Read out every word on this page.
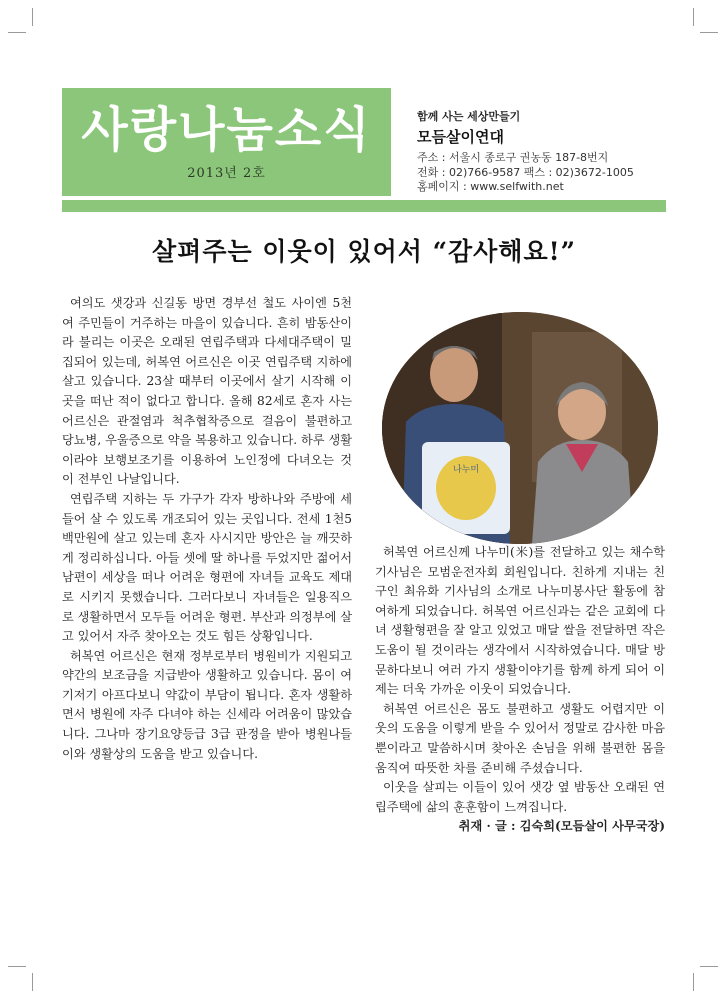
사랑나눔소식
2013년 2호
함께 사는 세상만들기
모듬살이연대
주소 : 서울시 종로구 권농동 187-8번지
전화 : 02)766-9587 팩스 : 02)3672-1005
홈페이지 : www.selfwith.net
살펴주는 이웃이 있어서 “감사해요!”

여의도 샛강과 신길동 방면 경부선 철도 사이엔 5천여 주민들이 거주하는 마을이 있습니다. 흔히 밤동산이라 불리는 이곳은 오래된 연립주택과 다세대주택이 밀집되어 있는데, 허복연 어르신은 이곳 연립주택 지하에 살고 있습니다. 23살 때부터 이곳에서 살기 시작해 이곳을 떠난 적이 없다고 합니다. 올해 82세로 혼자 사는 어르신은 관절염과 척추협착증으로 걸음이 불편하고 당뇨병, 우울증으로 약을 복용하고 있습니다. 하루 생활이라야 보행보조기를 이용하여 노인정에 다녀오는 것이 전부인 나날입니다.

연립주택 지하는 두 가구가 각자 방하나와 주방에 세 들어 살 수 있도록 개조되어 있는 곳입니다. 전세 1천5백만원에 살고 있는데 혼자 사시지만 방안은 늘 깨끗하게 정리하십니다. 아들 셋에 딸 하나를 두었지만 젊어서 남편이 세상을 떠나 어려운 형편에 자녀들 교육도 제대로 시키지 못했습니다. 그러다보니 자녀들은 일용직으로 생활하면서 모두들 어려운 형편. 부산과 의정부에 살고 있어서 자주 찾아오는 것도 힘든 상황입니다.

허복연 어르신은 현재 정부로부터 병원비가 지원되고 약간의 보조금을 지급받아 생활하고 있습니다. 몸이 여기저기 아프다보니 약값이 부담이 됩니다. 혼자 생활하면서 병원에 자주 다녀야 하는 신세라 어려움이 많았습니다. 그나마 장기요양등급 3급 판정을 받아 병원나들이와 생활상의 도움을 받고 있습니다.

나누미

허복연 어르신께 나누미(米)를 전달하고 있는 채수학 기사님은 모범운전자회 회원입니다. 친하게 지내는 친구인 최유화 기사님의 소개로 나누미봉사단 활동에 참여하게 되었습니다. 허복연 어르신과는 같은 교회에 다녀 생활형편을 잘 알고 있었고 매달 쌀을 전달하면 작은 도움이 될 것이라는 생각에서 시작하였습니다. 매달 방문하다보니 여러 가지 생활이야기를 함께 하게 되어 이제는 더욱 가까운 이웃이 되었습니다.

허복연 어르신은 몸도 불편하고 생활도 어렵지만 이웃의 도움을 이렇게 받을 수 있어서 정말로 감사한 마음뿐이라고 말씀하시며 찾아온 손님을 위해 불편한 몸을 움직여 따뜻한 차를 준비해 주셨습니다.

이웃을 살피는 이들이 있어 샛강 옆 밤동산 오래된 연립주택에 삶의 훈훈함이 느껴집니다.

취재 · 글 : 김숙희(모듬살이 사무국장)
